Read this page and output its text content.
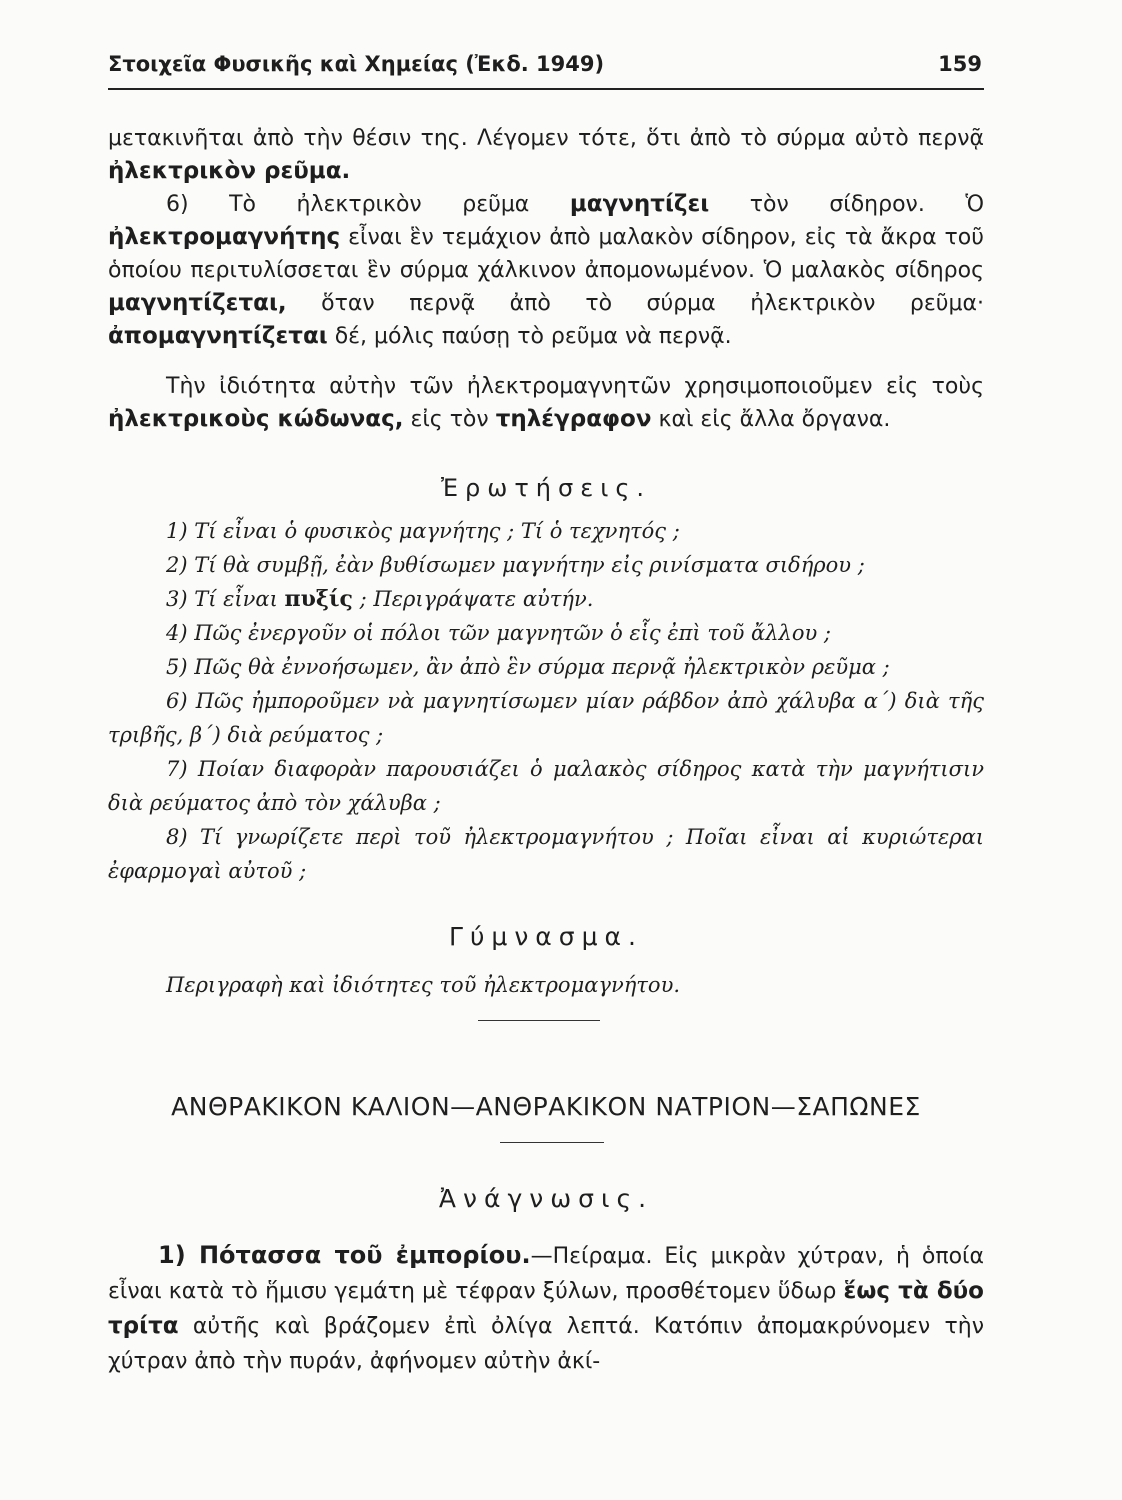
Στοιχεῖα Φυσικῆς καὶ Χημείας (Ἐκδ. 1949)	159

μετακινῆται ἀπὸ τὴν θέσιν της. Λέγομεν τότε, ὅτι ἀπὸ τὸ σύρμα αὐτὸ περνᾷ ἠλεκτρικὸν ρεῦμα.

6) Τὸ ἠλεκτρικὸν ρεῦμα μαγνητίζει τὸν σίδηρον. Ὁ ἠλεκτρομαγνήτης εἶναι ἓν τεμάχιον ἀπὸ μαλακὸν σίδηρον, εἰς τὰ ἄκρα τοῦ ὁποίου περιτυλίσσεται ἓν σύρμα χάλκινον ἀπομονωμένον. Ὁ μαλακὸς σίδηρος μαγνητίζεται, ὅταν περνᾷ ἀπὸ τὸ σύρμα ἠλεκτρικὸν ρεῦμα· ἀπομαγνητίζεται δέ, μόλις παύσῃ τὸ ρεῦμα νὰ περνᾷ.

Τὴν ἰδιότητα αὐτὴν τῶν ἠλεκτρομαγνητῶν χρησιμοποιοῦμεν εἰς τοὺς ἠλεκτρικοὺς κώδωνας, εἰς τὸν τηλέγραφον καὶ εἰς ἄλλα ὄργανα.

Ἐρωτήσεις.

1) Τί εἶναι ὁ φυσικὸς μαγνήτης ; Τί ὁ τεχνητός ;

2) Τί θὰ συμβῇ, ἐὰν βυθίσωμεν μαγνήτην εἰς ρινίσματα σιδήρου ;

3) Τί εἶναι πυξίς ; Περιγράψατε αὐτήν.

4) Πῶς ἐνεργοῦν οἱ πόλοι τῶν μαγνητῶν ὁ εἷς ἐπὶ τοῦ ἄλλου ;

5) Πῶς θὰ ἐννοήσωμεν, ἂν ἀπὸ ἓν σύρμα περνᾷ ἠλεκτρικὸν ρεῦμα ;

6) Πῶς ἠμποροῦμεν νὰ μαγνητίσωμεν μίαν ράβδον ἀπὸ χάλυβα α΄) διὰ τῆς τριβῆς, β΄) διὰ ρεύματος ;

7) Ποίαν διαφορὰν παρουσιάζει ὁ μαλακὸς σίδηρος κατὰ τὴν μαγνήτισιν διὰ ρεύματος ἀπὸ τὸν χάλυβα ;

8) Τί γνωρίζετε περὶ τοῦ ἠλεκτρομαγνήτου ; Ποῖαι εἶναι αἱ κυριώτεραι ἐφαρμογαὶ αὐτοῦ ;

Γύμνασμα.

Περιγραφὴ καὶ ἰδιότητες τοῦ ἠλεκτρομαγνήτου.

ΑΝΘΡΑΚΙΚΟΝ ΚΑΛΙΟΝ—ΑΝΘΡΑΚΙΚΟΝ ΝΑΤΡΙΟΝ—ΣΑΠΩΝΕΣ
Ἀνάγνωσις.

1) Πότασσα τοῦ ἐμπορίου.—Πείραμα. Εἰς μικρὰν χύτραν, ἡ ὁποία εἶναι κατὰ τὸ ἥμισυ γεμάτη μὲ τέφραν ξύλων, προσθέτομεν ὕδωρ ἕως τὰ δύο τρίτα αὐτῆς καὶ βράζομεν ἐπὶ ὀλίγα λεπτά. Κατόπιν ἀπομακρύνομεν τὴν χύτραν ἀπὸ τὴν πυράν, ἀφήνομεν αὐτὴν ἀκί-
